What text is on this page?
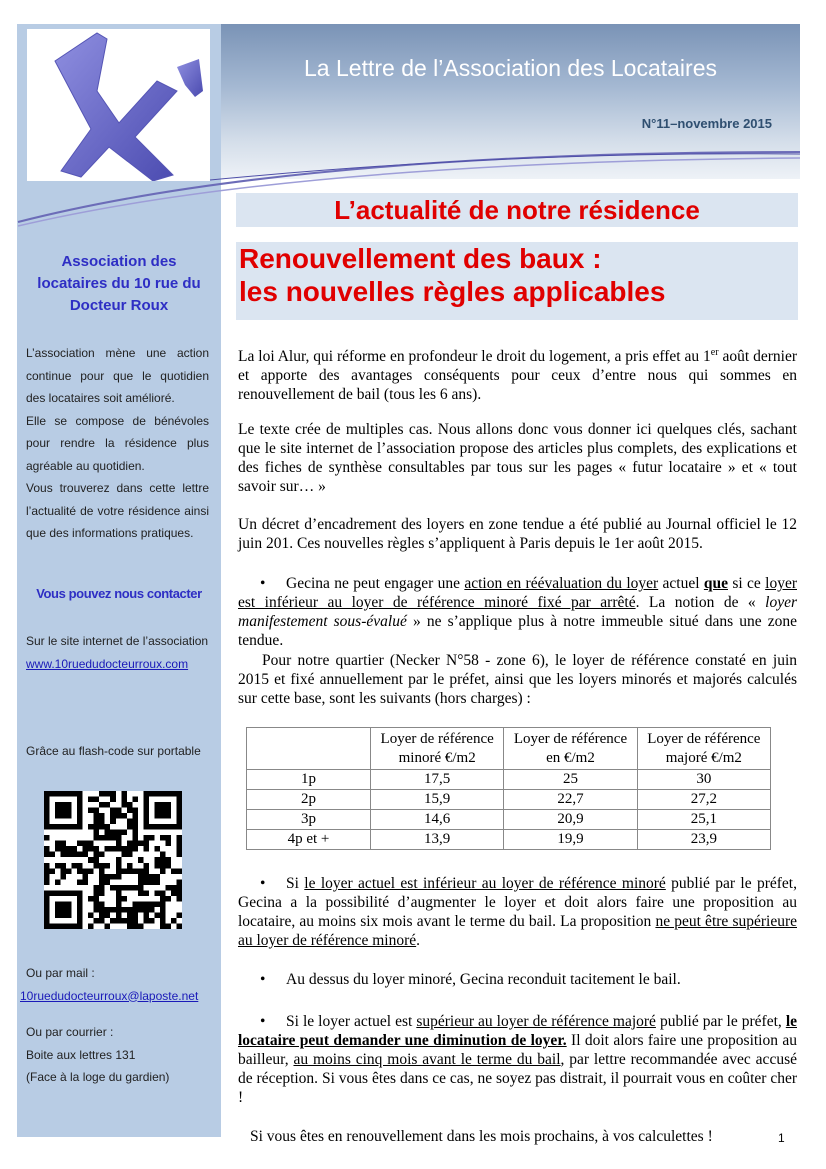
Association des
locataires du 10 rue du
Docteur Roux

L’association mène une action continue pour que le quotidien des locataires soit amélioré.

Elle se compose de bénévoles pour rendre la résidence plus agréable au quotidien.

Vous trouverez dans cette lettre l’actualité de votre résidence ainsi que des informations pratiques.

Vous pouvez nous contacter
Sur le site internet de l’association
www.10ruedudocteurroux.com
Grâce au flash-code sur portable
Ou par mail :
10ruedudocteurroux@laposte.net
Ou par courrier :
Boite aux lettres 131
(Face à la loge du gardien)
La Lettre de l’Association des Locataires
N°11–novembre 2015
L’actualité de notre résidence
Renouvellement des baux :
les nouvelles règles applicables
La loi Alur, qui réforme en profondeur le droit du logement, a pris effet au 1er août dernier et apporte des avantages conséquents pour ceux d’entre nous qui sommes en renouvellement de bail (tous les 6 ans).
Le texte crée de multiples cas. Nous allons donc vous donner ici quelques clés, sachant que le site internet de l’association propose des articles plus complets, des explications et des fiches de synthèse consultables par tous sur les pages « futur locataire » et « tout savoir sur… »
Un décret d’encadrement des loyers en zone tendue a été publié au Journal officiel le 12 juin 201. Ces nouvelles règles s’appliquent à Paris depuis le 1er août 2015.
• Gecina ne peut engager une action en réévaluation du loyer actuel que si ce loyer est inférieur au loyer de référence minoré fixé par arrêté. La notion de « loyer manifestement sous-évalué » ne s’applique plus à notre immeuble situé dans une zone tendue.
Pour notre quartier (Necker N°58 - zone 6), le loyer de référence constaté en juin 2015 et fixé annuellement par le préfet, ainsi que les loyers minorés et majorés calculés sur cette base, sont les suivants (hors charges) :
	Loyer de référence
minoré €/m2	Loyer de référence
en €/m2	Loyer de référence
majoré €/m2
1p	17,5	25	30
2p	15,9	22,7	27,2
3p	14,6	20,9	25,1
4p et +	13,9	19,9	23,9
• Si le loyer actuel est inférieur au loyer de référence minoré publié par le préfet, Gecina a la possibilité d’augmenter le loyer et doit alors faire une proposition au locataire, au moins six mois avant le terme du bail. La proposition ne peut être supérieure au loyer de référence minoré.
• Au dessus du loyer minoré, Gecina reconduit tacitement le bail.
• Si le loyer actuel est supérieur au loyer de référence majoré publié par le préfet, le locataire peut demander une diminution de loyer. Il doit alors faire une proposition au bailleur, au moins cinq mois avant le terme du bail, par lettre recommandée avec accusé de réception. Si vous êtes dans ce cas, ne soyez pas distrait, il pourrait vous en coûter cher !
Si vous êtes en renouvellement dans les mois prochains, à vos calculettes !	1
